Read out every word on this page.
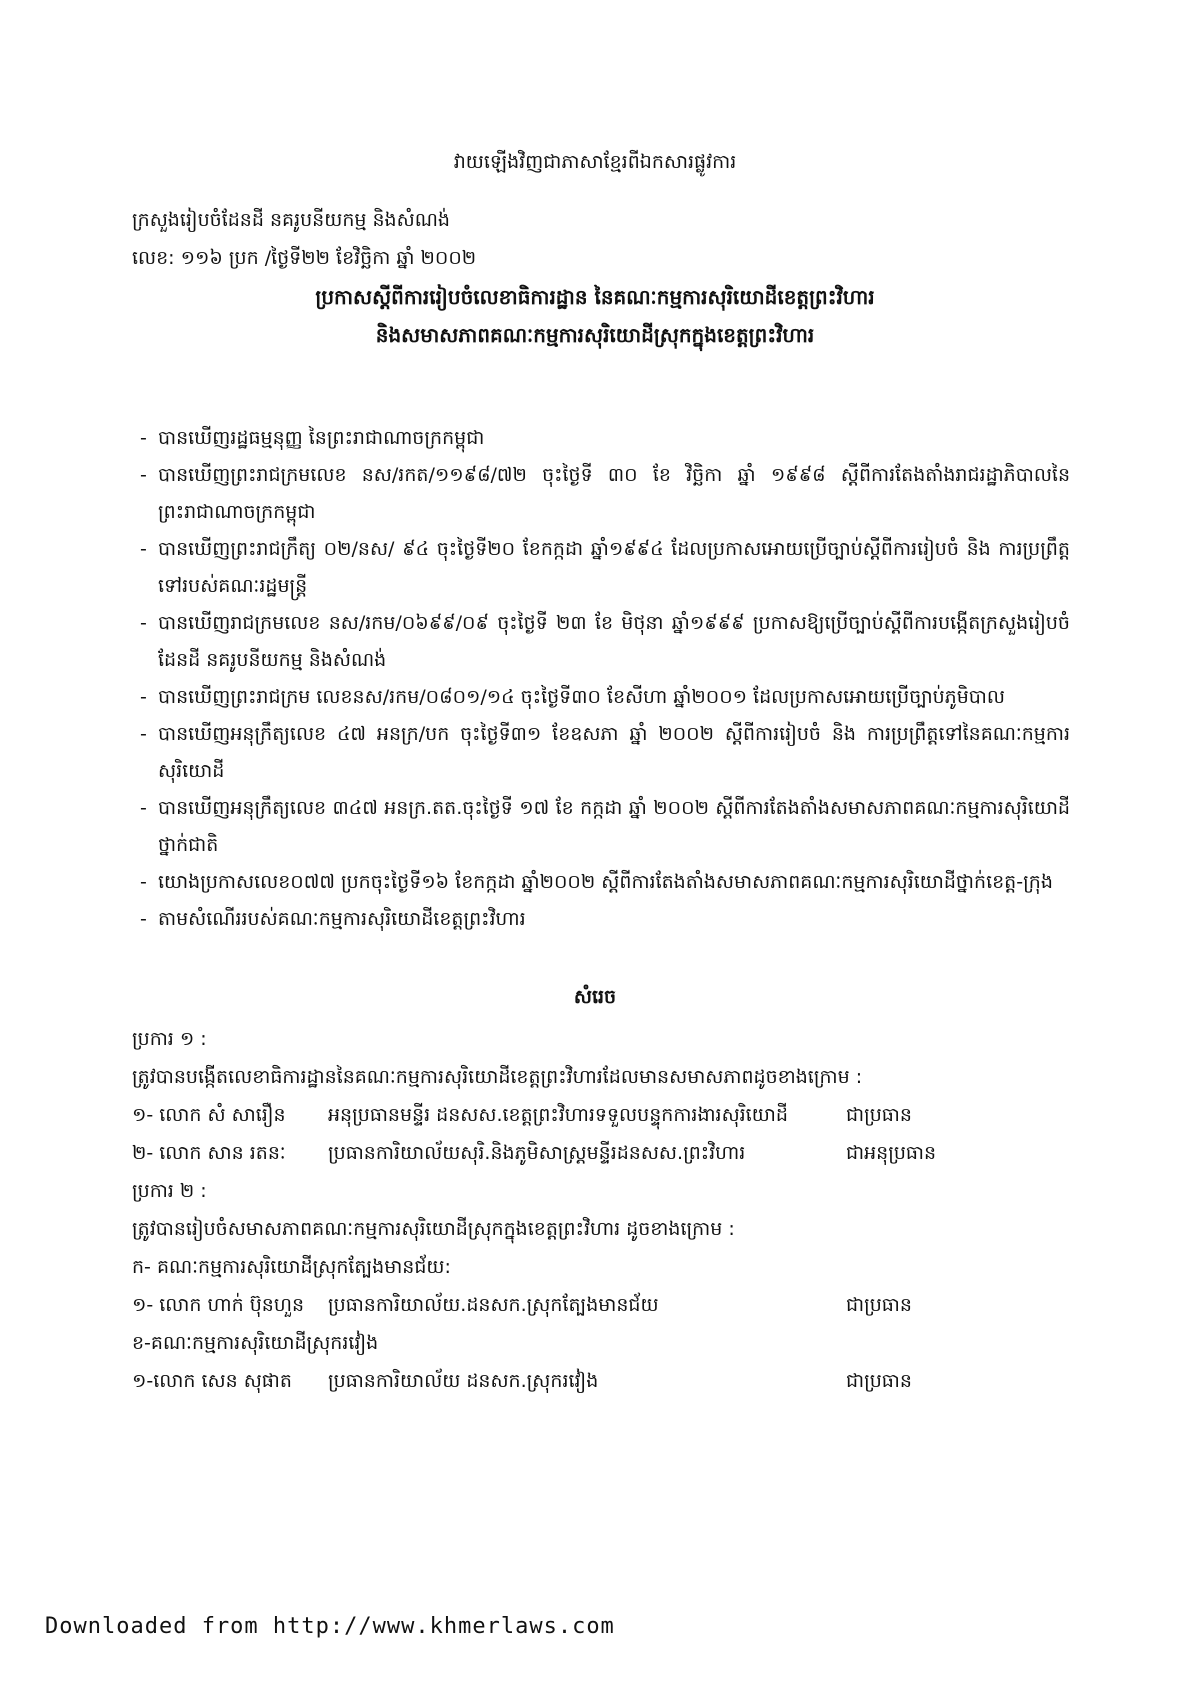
វាយឡើងវិញជាភាសាខ្មែរពីឯកសារផ្លូវការ
ក្រសួងរៀបចំដែនដី នគរូបនីយកម្ម និងសំណង់
លេខ: ១១៦ ប្រក /ថ្ងៃទី២២ ខែវិច្ឆិកា ឆ្នាំ ២០០២
ប្រកាសស្តីពីការរៀបចំលេខាធិការដ្ឋាន នៃគណៈកម្មការសុរិយោដីខេត្តព្រះវិហារ
និងសមាសភាពគណៈកម្មការសុរិយោដីស្រុកក្នុងខេត្តព្រះវិហារ
- បានឃើញរដ្ឋធម្មនុញ្ញ នៃព្រះរាជាណាចក្រកម្ពុជា
- បានឃើញព្រះរាជក្រមលេខ នស/រកត/១១៩៨/៧២ ចុះថ្ងៃទី ៣០ ខែ វិច្ឆិកា ឆ្នាំ ១៩៩៨ ស្តីពីការតែងតាំងរាជរដ្ឋាភិបាលនៃព្រះរាជាណាចក្រកម្ពុជា
- បានឃើញព្រះរាជក្រឹត្យ ០២/នស/ ៩៤ ចុះថ្ងៃទី២០ ខែកក្កដា ឆ្នាំ១៩៩៤ ដែលប្រកាសអោយប្រើច្បាប់ស្តីពីការរៀបចំ និង ការប្រព្រឹត្តទៅរបស់គណៈរដ្ឋមន្ត្រី
- បានឃើញរាជក្រមលេខ នស/រកម/០៦៩៩/០៩ ចុះថ្ងៃទី ២៣ ខែ មិថុនា ឆ្នាំ១៩៩៩ ប្រកាសឱ្យប្រើច្បាប់ស្តីពីការបង្កើតក្រសួងរៀបចំដែនដី នគរូបនីយកម្ម និងសំណង់
- បានឃើញព្រះរាជក្រម លេខនស/រកម/០៨០១/១៤ ចុះថ្ងៃទី៣០ ខែសីហា ឆ្នាំ២០០១ ដែលប្រកាសអោយប្រើច្បាប់ភូមិបាល
- បានឃើញអនុក្រឹត្យលេខ ៤៧ អនក្រ/បក ចុះថ្ងៃទី៣១ ខែឧសភា ឆ្នាំ ២០០២ ស្តីពីការរៀបចំ និង ការប្រព្រឹត្តទៅនៃគណៈកម្មការសុរិយោដី
- បានឃើញអនុក្រឹត្យលេខ ៣៤៧ អនក្រ.តត.ចុះថ្ងៃទី ១៧ ខែ កក្កដា ឆ្នាំ ២០០២ ស្តីពីការតែងតាំងសមាសភាពគណៈកម្មការសុរិយោដីថ្នាក់ជាតិ
- យោងប្រកាសលេខ០៧៧ ប្រកចុះថ្ងៃទី១៦ ខែកក្កដា ឆ្នាំ២០០២ ស្តីពីការតែងតាំងសមាសភាពគណៈកម្មការសុរិយោដីថ្នាក់ខេត្ត-ក្រុង
- តាមសំណើររបស់គណៈកម្មការសុរិយោដីខេត្តព្រះវិហារ
សំរេច
ប្រការ ១ :
ត្រូវបានបង្កើតលេខាធិការដ្ឋាននៃគណៈកម្មការសុរិយោដីខេត្តព្រះវិហារដែលមានសមាសភាពដូចខាងក្រោម :
១- លោក សំ សារឿន អនុប្រធានមន្ទីរ ដនសស.ខេត្តព្រះវិហារទទួលបន្ទុកការងារសុរិយោដី	ជាប្រធាន
២- លោក សាន រតនៈ ប្រធានការិយាល័យសុរិ.និងភូមិសាស្ត្រមន្ទីរដនសស.ព្រះវិហារ	ជាអនុប្រធាន
ប្រការ ២ :
ត្រូវបានរៀបចំសមាសភាពគណៈកម្មការសុរិយោដីស្រុកក្នុងខេត្តព្រះវិហារ ដូចខាងក្រោម :
ក- គណៈកម្មការសុរិយោដីស្រុកត្បែងមានជ័យ:
១- លោក ហាក់ ប៊ុនហួន ប្រធានការិយាល័យ.ដនសក.ស្រុកត្បែងមានជ័យ	ជាប្រធាន
ខ-គណៈកម្មការសុរិយោដីស្រុករវៀង
១-លោក សេន សុផាត ប្រធានការិយាល័យ ដនសក.ស្រុករវៀង	ជាប្រធាន
Downloaded from http://www.khmerlaws.com
